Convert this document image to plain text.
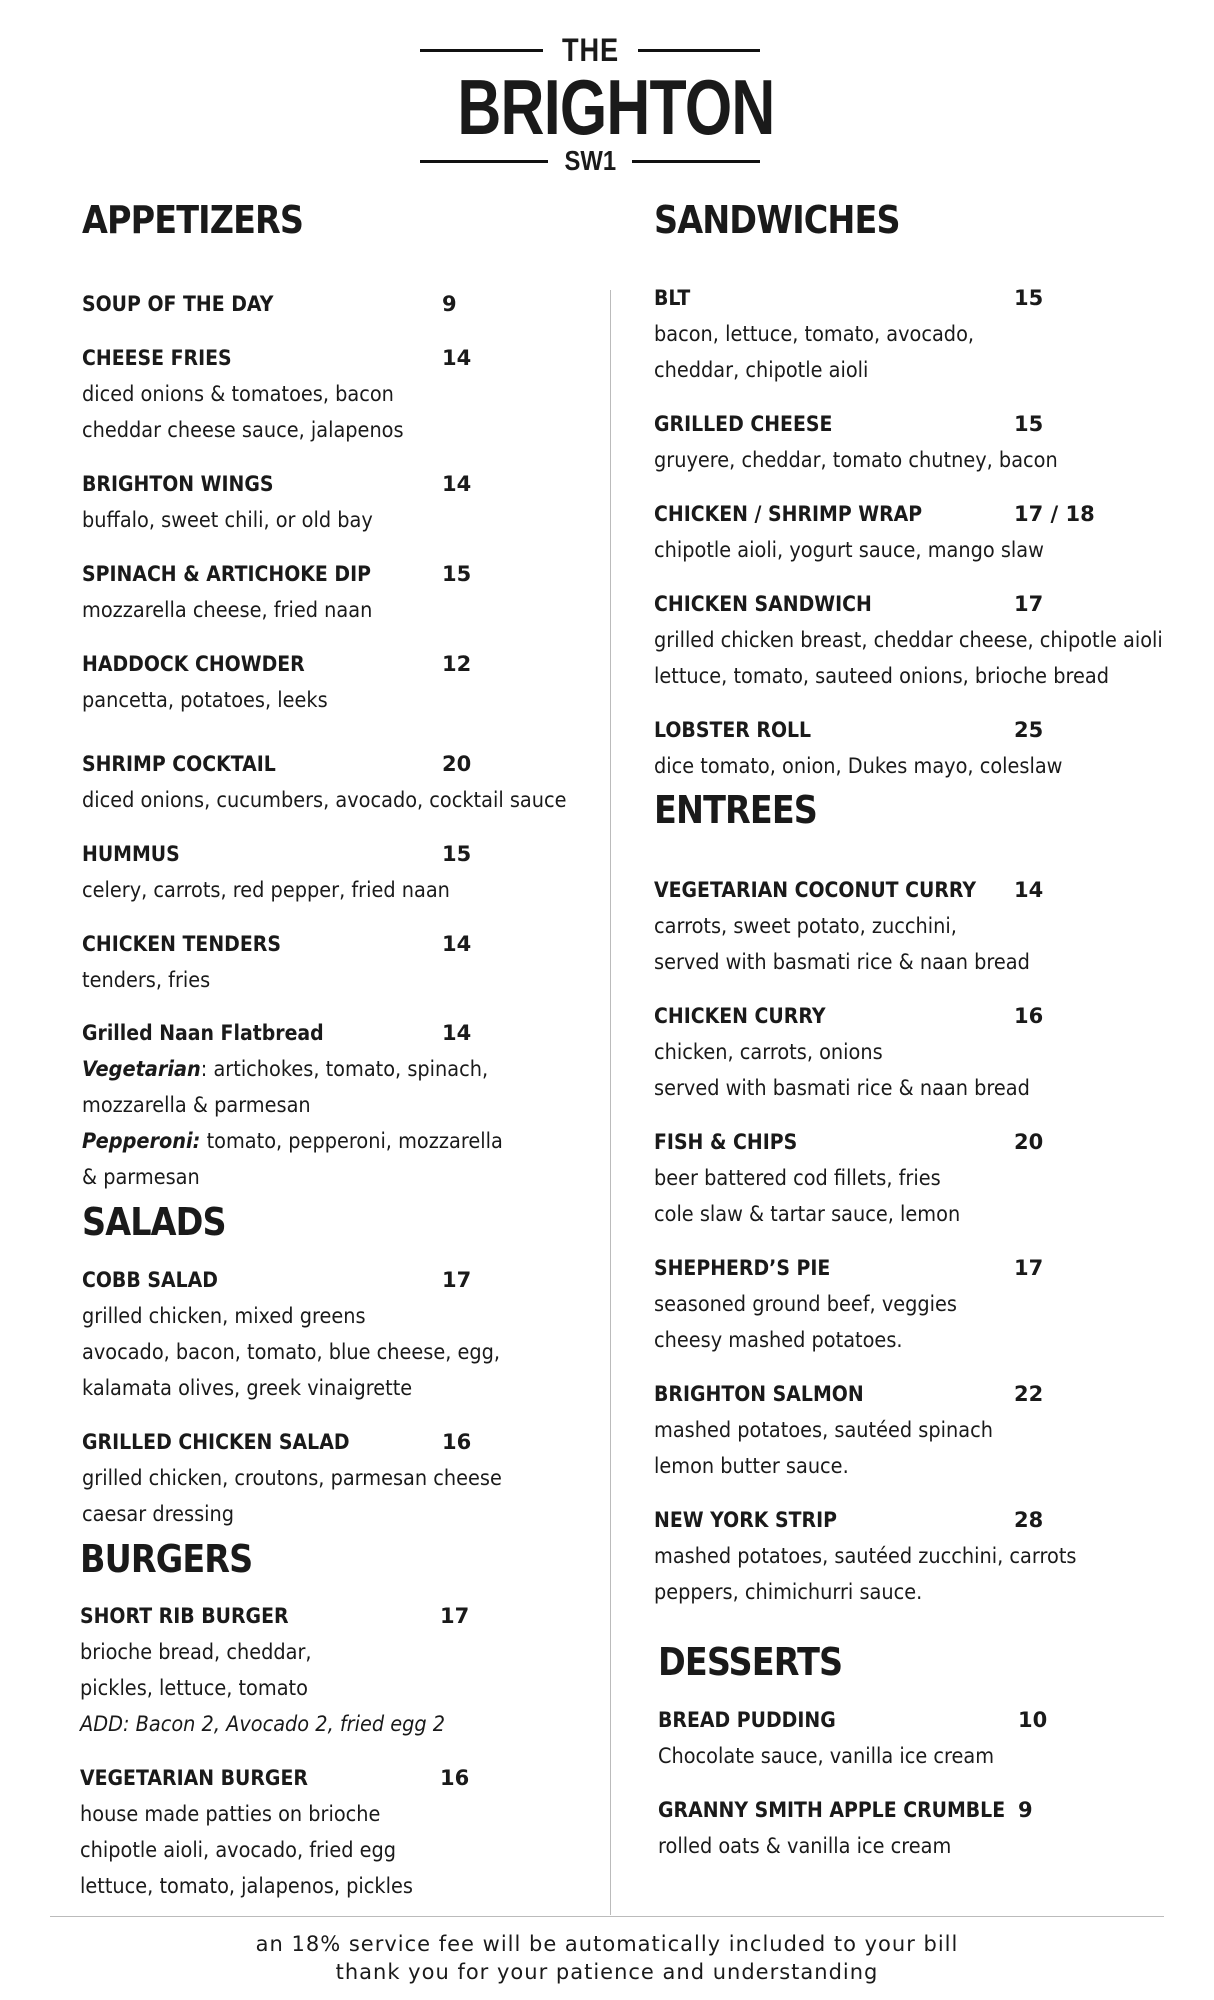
THE
BRIGHTON
SW1
APPETIZERS	SANDWICHES
SALADS
BURGERS
ENTREES
DESSERTS
SOUP OF THE DAY	9
CHEESE FRIES	14
diced onions & tomatoes, bacon
cheddar cheese sauce, jalapenos
BRIGHTON WINGS	14
buffalo, sweet chili, or old bay
SPINACH & ARTICHOKE DIP	15
mozzarella cheese, fried naan
HADDOCK CHOWDER	12
pancetta, potatoes, leeks
SHRIMP COCKTAIL	20
diced onions, cucumbers, avocado, cocktail sauce
HUMMUS	15
celery, carrots, red pepper, fried naan
CHICKEN TENDERS	14
tenders, fries
COBB SALAD	17
grilled chicken, mixed greens
avocado, bacon, tomato, blue cheese, egg,
kalamata olives, greek vinaigrette
GRILLED CHICKEN SALAD	16
grilled chicken, croutons, parmesan cheese
caesar dressing
SHORT RIB BURGER	17
brioche bread, cheddar,
pickles, lettuce, tomato
ADD: Bacon 2, Avocado 2, fried egg 2
VEGETARIAN BURGER	16
house made patties on brioche
chipotle aioli, avocado, fried egg
lettuce, tomato, jalapenos, pickles
BLT	15
bacon, lettuce, tomato, avocado,
cheddar, chipotle aioli
GRILLED CHEESE	15
gruyere, cheddar, tomato chutney, bacon
CHICKEN / SHRIMP WRAP	17 / 18
chipotle aioli, yogurt sauce, mango slaw
CHICKEN SANDWICH	17
grilled chicken breast, cheddar cheese, chipotle aioli
lettuce, tomato, sauteed onions, brioche bread
LOBSTER ROLL	25
dice tomato, onion, Dukes mayo, coleslaw
VEGETARIAN COCONUT CURRY 14
carrots, sweet potato, zucchini,
served with basmati rice & naan bread
CHICKEN CURRY	16
chicken, carrots, onions
served with basmati rice & naan bread
FISH & CHIPS	20
beer battered cod fillets, fries
cole slaw & tartar sauce, lemon
SHEPHERD’S PIE	17
seasoned ground beef, veggies
cheesy mashed potatoes.
BRIGHTON SALMON	22
mashed potatoes, sautéed spinach
lemon butter sauce.
NEW YORK STRIP	28
mashed potatoes, sautéed zucchini, carrots
peppers, chimichurri sauce.
BREAD PUDDING	10
Chocolate sauce, vanilla ice cream
GRANNY SMITH APPLE CRUMBLE 9
rolled oats & vanilla ice cream
Grilled Naan Flatbread	14
Vegetarian: artichokes, tomato, spinach,
mozzarella & parmesan
Pepperoni: tomato, pepperoni, mozzarella
& parmesan
an 18% service fee will be automatically included to your bill
thank you for your patience and understanding
